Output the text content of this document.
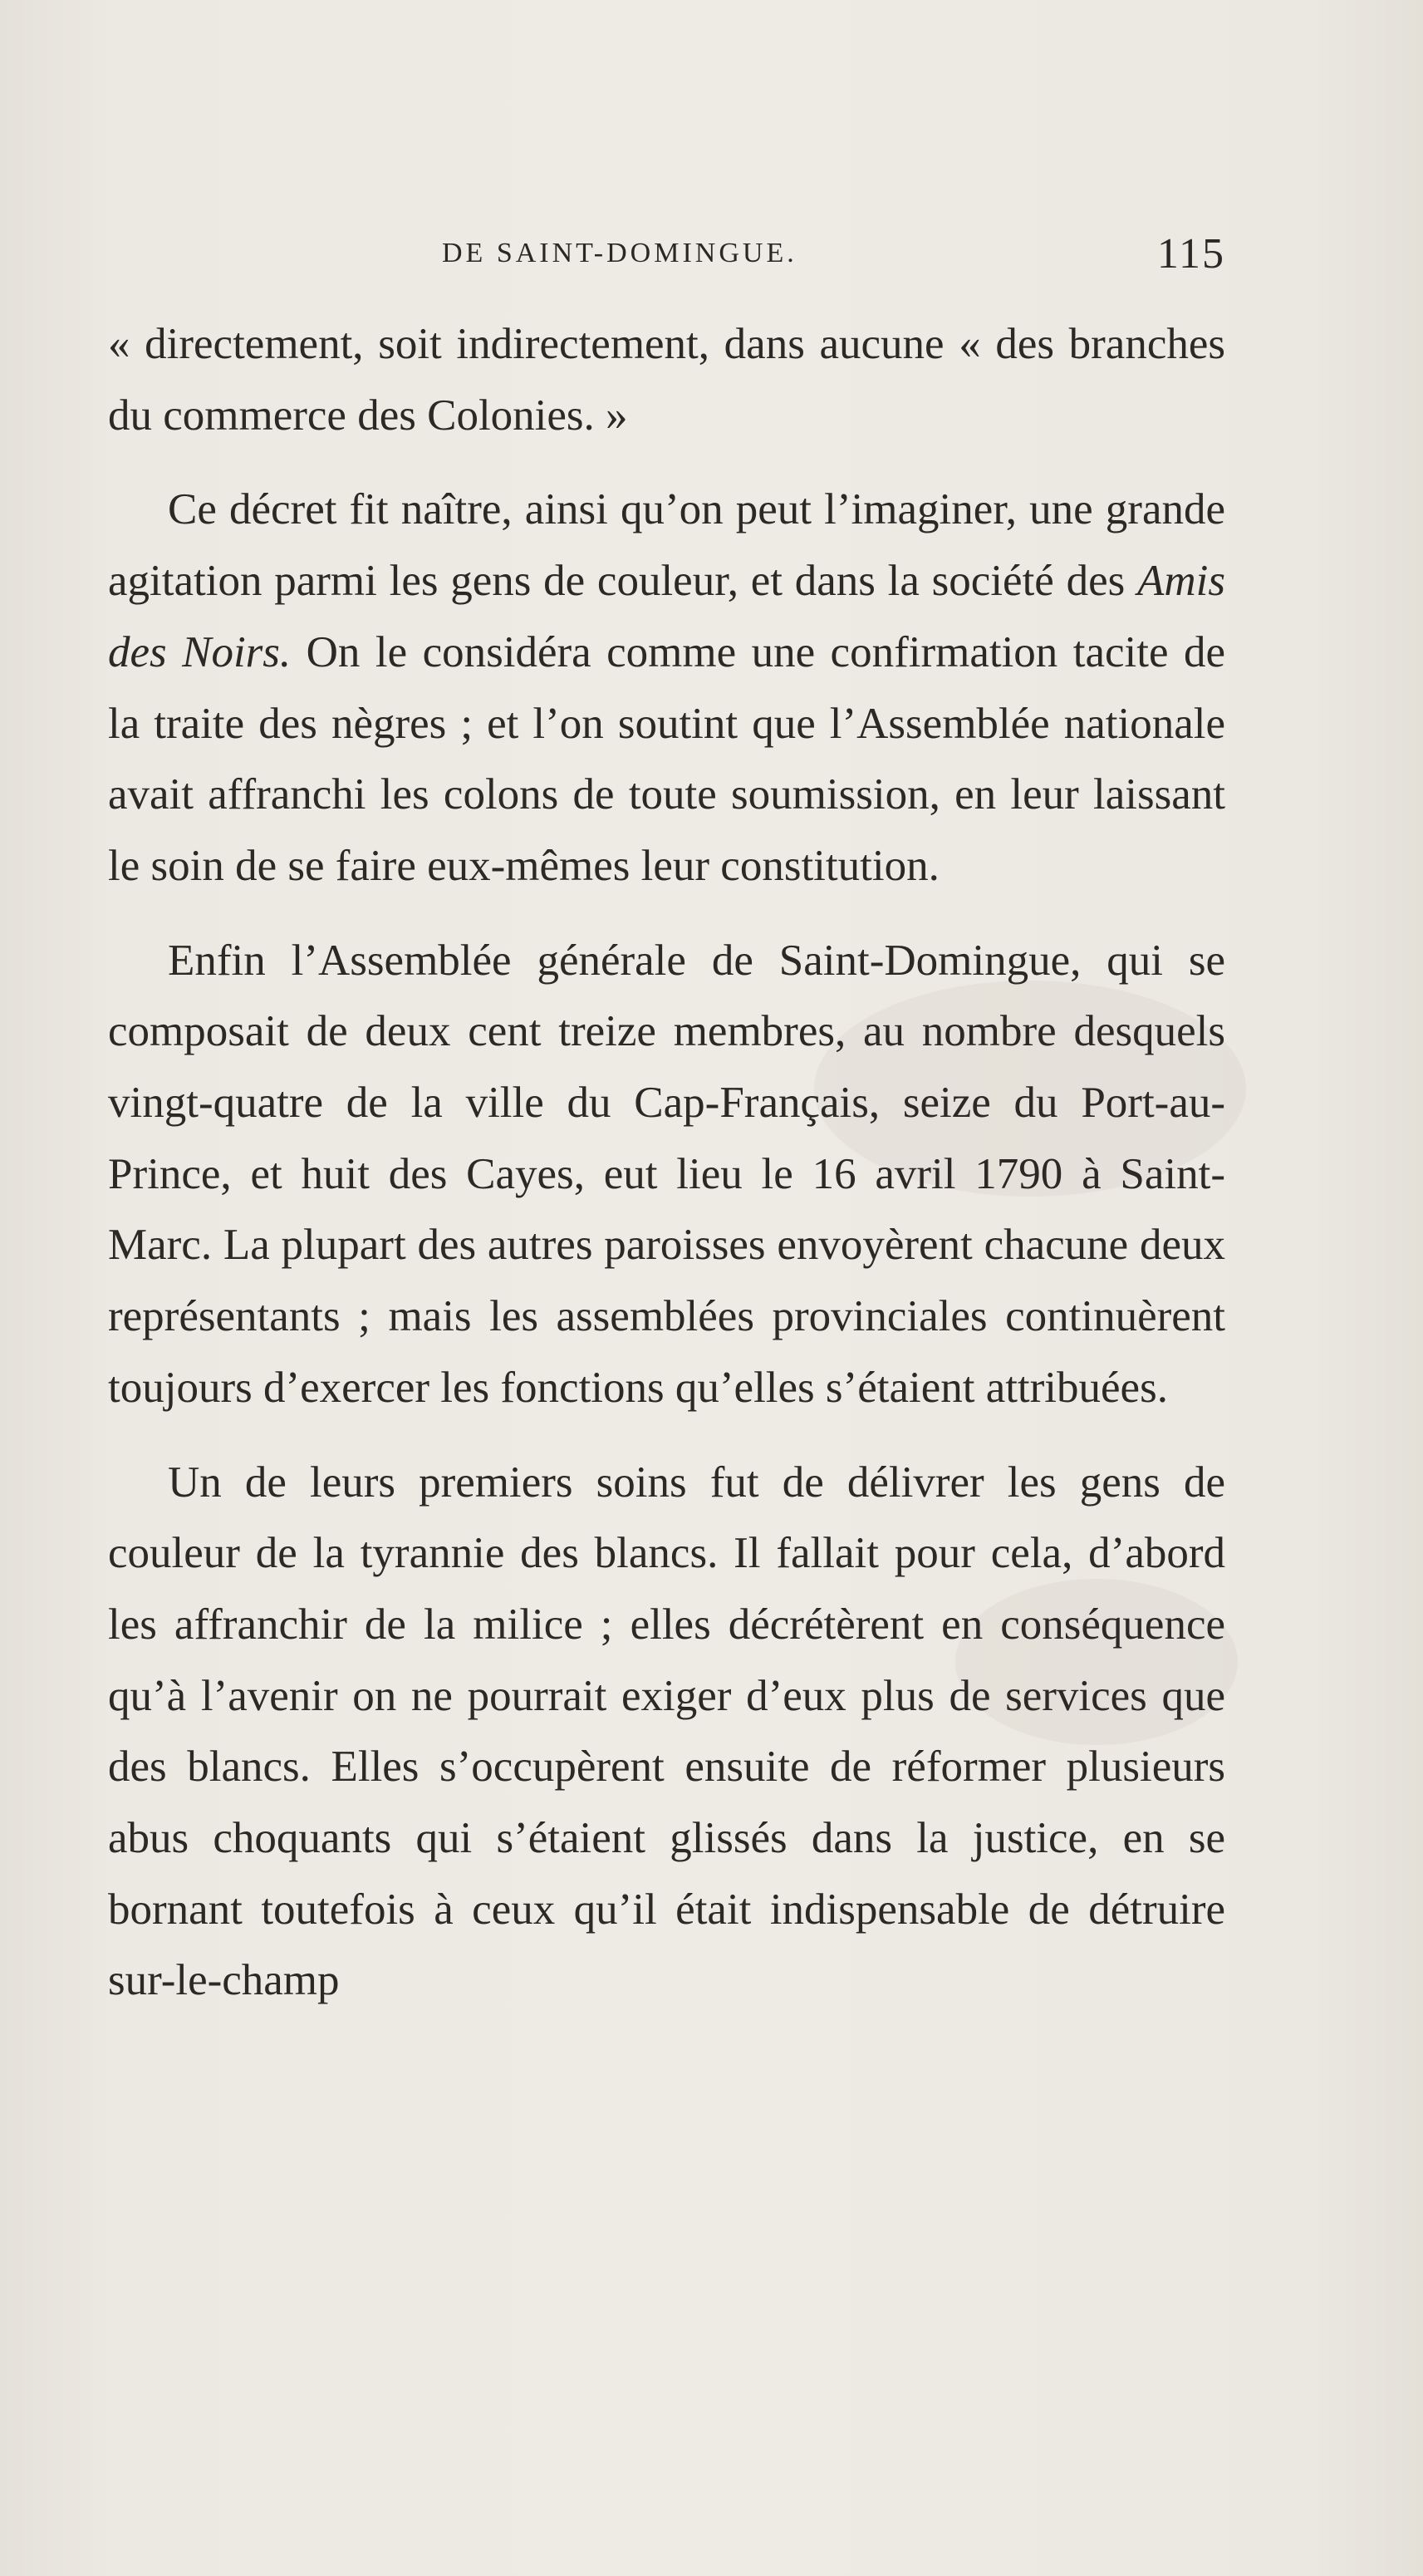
DE SAINT-DOMINGUE.	115

« directement, soit indirectement, dans aucune « des branches du commerce des Colonies. »

Ce décret fit naître, ainsi qu’on peut l’imaginer, une grande agitation parmi les gens de couleur, et dans la société des Amis des Noirs. On le considéra comme une confirmation tacite de la traite des nègres ; et l’on soutint que l’Assemblée nationale avait affranchi les colons de toute soumission, en leur laissant le soin de se faire eux-mêmes leur constitution.

Enfin l’Assemblée générale de Saint-Domingue, qui se composait de deux cent treize membres, au nombre desquels vingt-quatre de la ville du Cap-Français, seize du Port-au-Prince, et huit des Cayes, eut lieu le 16 avril 1790 à Saint-Marc. La plupart des autres paroisses envoyèrent chacune deux représentants ; mais les assemblées provinciales continuèrent toujours d’exercer les fonctions qu’elles s’étaient attribuées.

Un de leurs premiers soins fut de délivrer les gens de couleur de la tyrannie des blancs. Il fallait pour cela, d’abord les affranchir de la milice ; elles décrétèrent en conséquence qu’à l’avenir on ne pourrait exiger d’eux plus de services que des blancs. Elles s’occupèrent ensuite de réformer plusieurs abus choquants qui s’étaient glissés dans la justice, en se bornant toutefois à ceux qu’il était indispensable de détruire sur-le-champ
